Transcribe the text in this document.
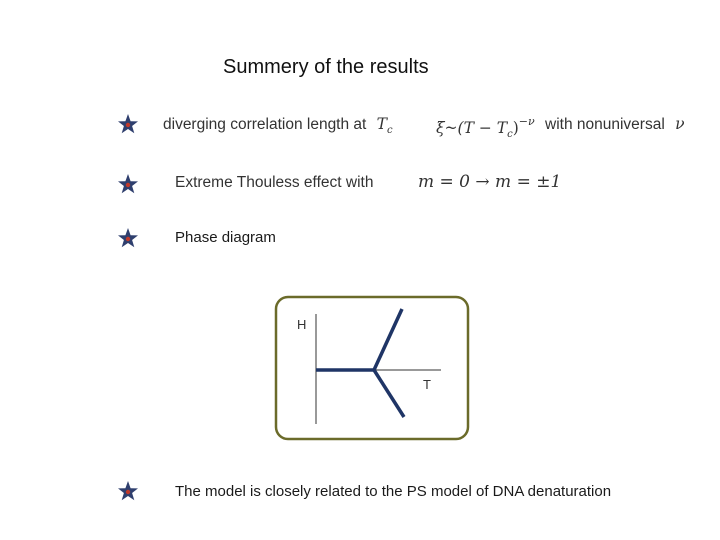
Summery of the results
diverging correlation length at $T_c$	ξ~(T − $T_c)^{-\nu}$ with nonuniversal ν
Extreme Thouless effect with	m = 0 → m = ±1
Phase diagram
H
T
The model is closely related to the PS model of DNA denaturation
